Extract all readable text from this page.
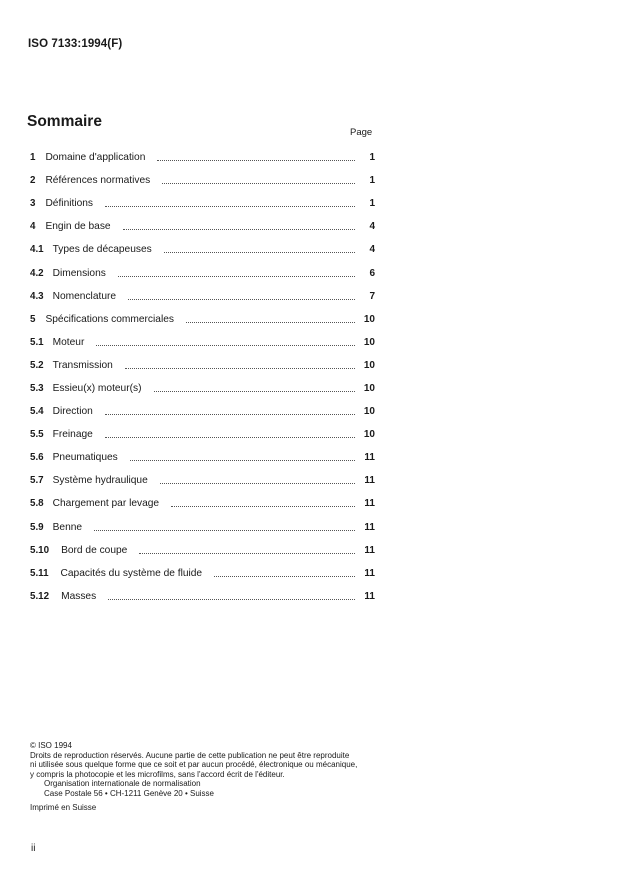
ISO 7133:1994(F)
Sommaire
Page
1 Domaine d'application	1
2 Références normatives	1
3 Définitions	1
4 Engin de base	4
4.1 Types de décapeuses	4
4.2 Dimensions	6
4.3 Nomenclature	7
5 Spécifications commerciales	10
5.1 Moteur	10
5.2 Transmission	10
5.3 Essieu(x) moteur(s)	10
5.4 Direction	10
5.5 Freinage	10
5.6 Pneumatiques	11
5.7 Système hydraulique	11
5.8 Chargement par levage	11
5.9 Benne	11
5.10 Bord de coupe	11
5.11 Capacités du système de fluide	11
5.12 Masses	11
© ISO 1994
Droits de reproduction réservés. Aucune partie de cette publication ne peut être reproduite
ni utilisée sous quelque forme que ce soit et par aucun procédé, électronique ou mécanique,
y compris la photocopie et les microfilms, sans l'accord écrit de l'éditeur.
Organisation internationale de normalisation
Case Postale 56 • CH-1211 Genève 20 • Suisse
Imprimé en Suisse
ii
